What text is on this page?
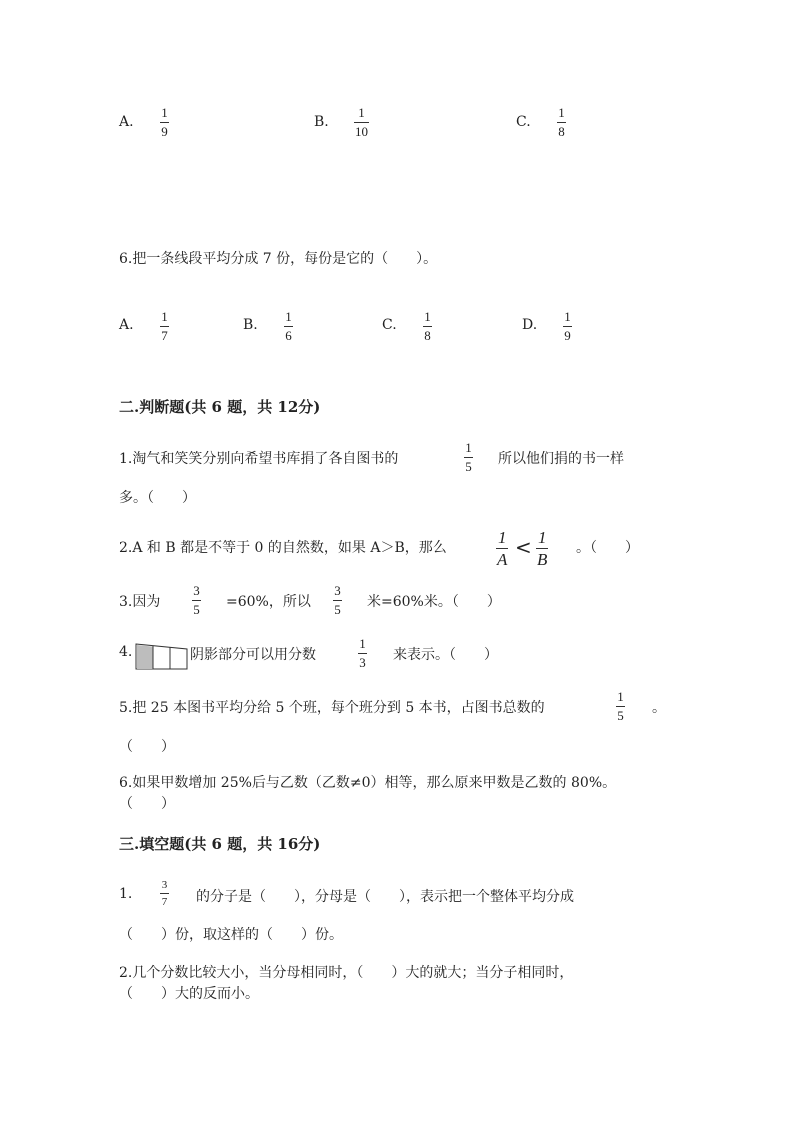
A.
1
9
B.
1
10
C.
1
8
6.把一条线段平均分成 7 份，每份是它的（　　）。
A.
1
7
B.
1
6
C.
1
8
D.
1
9
二.判断题(共 6 题，共 12分)
1.淘气和笑笑分别向希望书库捐了各自图书的
1
5 所以他们捐的书一样
多。（　　）
2.A 和 B 都是不等于 0 的自然数，如果 A＞B，那么
1
A
< 1
B
。（　　）
3.因为
3
5 =60%，所以
3
5 米=60%米。（　　）
4.	阴影部分可以用分数
1
3 来表示。（　　）
5.把 25 本图书平均分给 5 个班，每个班分到 5 本书，占图书总数的
1
5 。
（　　）
6.如果甲数增加 25%后与乙数（乙数≠0）相等，那么原来甲数是乙数的 80%。
（　　）
三.填空题(共 6 题，共 16分)
1.
3
7 的分子是（　　），分母是（　　），表示把一个整体平均分成
（　　）份，取这样的（　　）份。
2.几个分数比较大小，当分母相同时，（　　）大的就大；当分子相同时，
（　　）大的反而小。
